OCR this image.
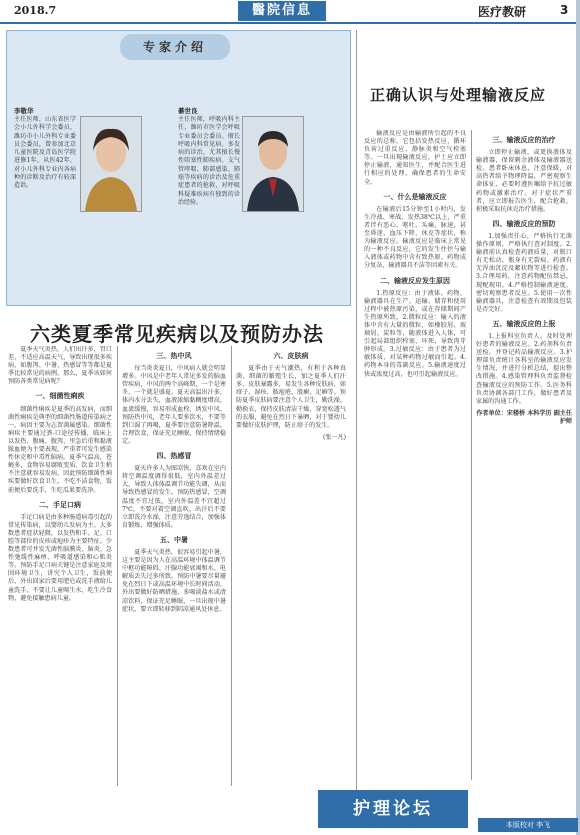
2018.7	醫院信息	医疗教研	3
专家介绍
李敬华
主任医师，山东省医学会小儿外科学会委员，潍坊市小儿外科专业委员会委员，曾参加北京儿童医院及青岛医学院进修1年，从医42年，对小儿外科专业内各病种的诊断及治疗有较深造诣。
綦世良
主任医师，呼吸内科主任，潍坊市医学会呼吸专业委员会委员。擅长呼吸内科常见病、多发病的诊治，尤其擅长慢性阻塞性肺疾病、支气管哮喘、肺部感染、肺癌等疾病的诊治及危重症患者的抢救，对呼吸科疑难疾病有独到的诊治经验。
六类夏季常见疾病以及预防办法

夏季天气炎热，人们出汗多，胃口差，不适应高温天气，导致出现很多疾病，如腹泻、中暑、热感冒等等都是夏季比较常见的病例，那么，夏季该如何预防各类常见病呢？

一、细菌性痢疾

细菌性痢疾是夏季的高发病，而细菌性痢疾是典型的细菌性肠道传染病之一，病因主要为志贺菌属感染。细菌性痢疾主要通过粪-口途径传播，临床上以发热、腹痛、腹泻、里急后重和黏液脓血便为主要表现，严重者可发生感染性休克和中毒性脑病。夏季气温高，苍蝇多，食物容易腐败变质，饮食卫生稍不注意就容易发病，因此预防细菌性痢疾要做好饮食卫生，不吃不洁食物，饭前便后要洗手，生吃瓜果要洗净。

二、手足口病

手足口病是由多种肠道病毒引起的常见传染病，以婴幼儿发病为主。大多数患者症状轻微，以发热和手、足、口腔等部位的皮疹或疱疹为主要特征。少数患者可并发无菌性脑膜炎、脑炎、急性弛缓性麻痹、呼吸道感染和心肌炎等。预防手足口病关键是注意家庭及周围环境卫生，讲究个人卫生，饭前便后、外出回家后要用肥皂或洗手液给儿童洗手，不要让儿童喝生水、吃生冷食物，避免接触患病儿童。

三、热中风

每当炎炎夏日，中风病人就会明显增多。中风是中老年人常见多发的脑血管疾病，中风的两个高峰期，一个是寒冬，一个就是盛夏。夏天高温出汗多，体内水分丢失，血液浓缩黏稠度增高，血流缓慢，容易形成血栓，诱发中风。预防热中风，老年人要多饮水，不要等到口渴了再喝，夏季要注意防暑降温，合理饮食，保证充足睡眠，保持情绪稳定。

四、热感冒

夏天许多人为图凉快，喜欢在室内将空调温度调得很低，室内外温差过大，导致人体体温调节功能失调，从而导致热感冒的发生。预防热感冒，空调温度不宜过低，室内外温差不宜超过7℃，不要对着空调直吹，出汗后不要立即洗冷水澡，注意劳逸结合，加强体育锻炼，增强体质。

五、中暑

夏季天气炎热，很容易引起中暑，这主要是因为人在高温环境中体温调节中枢功能障碍、汗腺功能衰竭和水、电解质丢失过多所致。预防中暑要尽量避免在烈日下或高温环境中长时间活动，外出要做好防晒措施，多喝淡盐水或清凉饮料，保证充足睡眠，一旦出现中暑症状，要立即转移到阴凉通风处休息。

六、皮肤病

夏季由于天气潮热，有利于各种真菌、细菌的繁殖生长，加之夏季人们汗多、皮肤暴露多，易发生各种皮肤病，如痱子、湿疹、脓疱疮、股癣、足癣等。预防夏季皮肤病要注意个人卫生，勤洗澡、勤换衣，保持皮肤清洁干燥，穿宽松透气的衣服，避免在烈日下暴晒，对于婴幼儿要做好皮肤护理，防止痱子的发生。

(张一凡)

正确认识与处理输液反应

输液反应是由输液所引起的不良反应的总称，它包括发热反应、循环负荷过重反应、静脉炎和空气栓塞等。一旦出现输液反应，护士应立即停止输液，通知医生，并配合医生进行相应的处理，确保患者的生命安全。

一、什么是输液反应

在输液后15分钟至1小时内，发生冷战、寒战、发热38℃以上，严重者伴有恶心、呕吐、头痛、脉速，甚至昏迷、血压下降、休克等症状，称为输液反应。输液反应是临床上常见的一种不良反应，它的发生往往与输入液体或药物中含有致热原、药物成分复杂、输液器具不洁等因素有关。

二、输液反应发生原因

1.热原反应：由于液体、药物、输液器具在生产、运输、储存和使用过程中被热原污染，或在存储期间产生热原所致。2.微粒反应：输入的液体中含有大量的微粒，如橡胶屑、玻璃屑、炭粒等，随液体进入人体，可引起局部组织栓塞、坏死，导致肉芽肿形成。3.过敏反应：由于患者为过敏体质，对某种药物过敏而引起。4.药物本身的毒副反应。5.输液速度过快或浓度过高，也可引起输液反应。

三、输液反应的治疗

立即停止输液，或更换液体及输液器，保留剩余液体及输液器送检。患者卧床休息，注意保暖，对高热者给予物理降温，严密观察生命体征，必要时遵医嘱给予抗过敏药物或激素治疗。对于症状严重者，应立即报告医生，配合抢救，积极采取抗休克治疗措施。

四、输液反应的预防

1.加强责任心，严格执行无菌操作原则，严格执行查对制度。2.输液前认真检查药液质量，对瓶口有无松动、瓶身有无裂痕、药液有无浑浊沉淀及絮状物等进行检查。3.合理用药，注意药物配伍禁忌，现配现用。4.严格控制输液速度，密切观察患者反应。5.使用一次性输液器具，注意检查有效期及包装是否完好。

五、输液反应的上报

1.上报科室负责人。及时处理好患者的输液反应。2.药剂科负责送检，并登记药品输液反应。3.护理部负责统计各科室的输液反应发生情况，并进行分析总结，提出整改措施。4.感染管理科负责监督检查输液反应的预防工作。5.医务科负责协调各部门工作，做好患者及家属的沟通工作。

作者单位：宋楼桥 本科学历 副主任护师

护理论坛
本版校对 李飞
